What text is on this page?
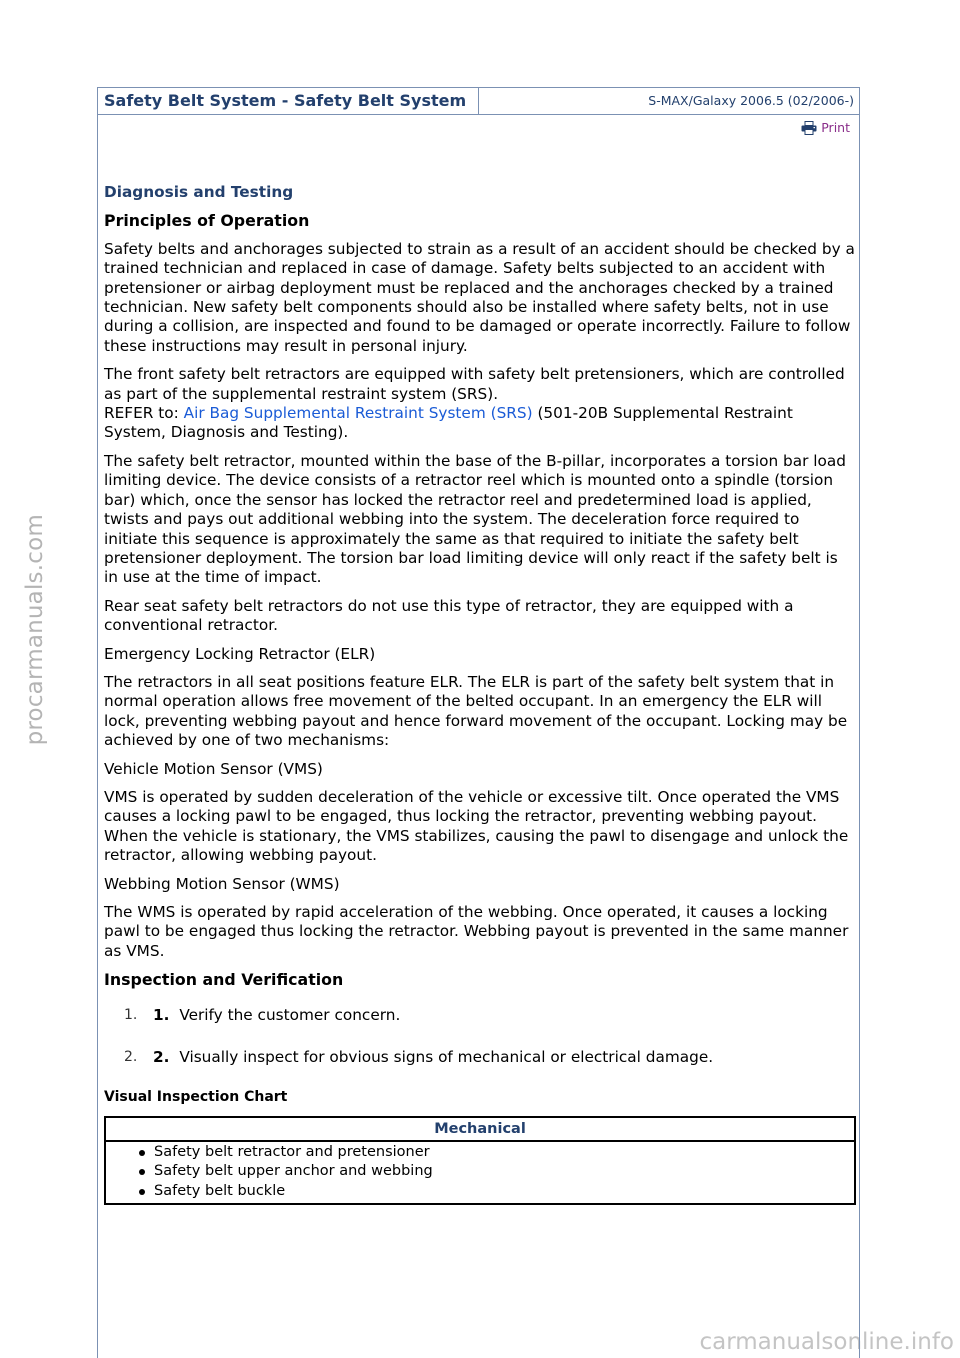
procarmanuals.com
carmanualsonline.info
Safety Belt System - Safety Belt System	S-MAX/Galaxy 2006.5 (02/2006-)
Print

Diagnosis and Testing

Principles of Operation

Safety belts and anchorages subjected to strain as a result of an accident should be checked by a trained technician and replaced in case of damage. Safety belts subjected to an accident with pretensioner or airbag deployment must be replaced and the anchorages checked by a trained technician. New safety belt components should also be installed where safety belts, not in use during a collision, are inspected and found to be damaged or operate incorrectly. Failure to follow these instructions may result in personal injury.

The front safety belt retractors are equipped with safety belt pretensioners, which are controlled as part of the supplemental restraint system (SRS).
REFER to: Air Bag Supplemental Restraint System (SRS) (501-20B Supplemental Restraint System, Diagnosis and Testing).

The safety belt retractor, mounted within the base of the B-pillar, incorporates a torsion bar load limiting device. The device consists of a retractor reel which is mounted onto a spindle (torsion bar) which, once the sensor has locked the retractor reel and predetermined load is applied, twists and pays out additional webbing into the system. The deceleration force required to initiate this sequence is approximately the same as that required to initiate the safety belt pretensioner deployment. The torsion bar load limiting device will only react if the safety belt is in use at the time of impact.

Rear seat safety belt retractors do not use this type of retractor, they are equipped with a conventional retractor.

Emergency Locking Retractor (ELR)

The retractors in all seat positions feature ELR. The ELR is part of the safety belt system that in normal operation allows free movement of the belted occupant. In an emergency the ELR will lock, preventing webbing payout and hence forward movement of the occupant. Locking may be achieved by one of two mechanisms:

Vehicle Motion Sensor (VMS)

VMS is operated by sudden deceleration of the vehicle or excessive tilt. Once operated the VMS causes a locking pawl to be engaged, thus locking the retractor, preventing webbing payout. When the vehicle is stationary, the VMS stabilizes, causing the pawl to disengage and unlock the retractor, allowing webbing payout.

Webbing Motion Sensor (WMS)

The WMS is operated by rapid acceleration of the webbing. Once operated, it causes a locking pawl to be engaged thus locking the retractor. Webbing payout is prevented in the same manner as VMS.

Inspection and Verification

1.	1. Verify the customer concern.
2.	2. Visually inspect for obvious signs of mechanical or electrical damage.

Visual Inspection Chart

Mechanical

Safety belt retractor and pretensioner
Safety belt upper anchor and webbing
Safety belt buckle
